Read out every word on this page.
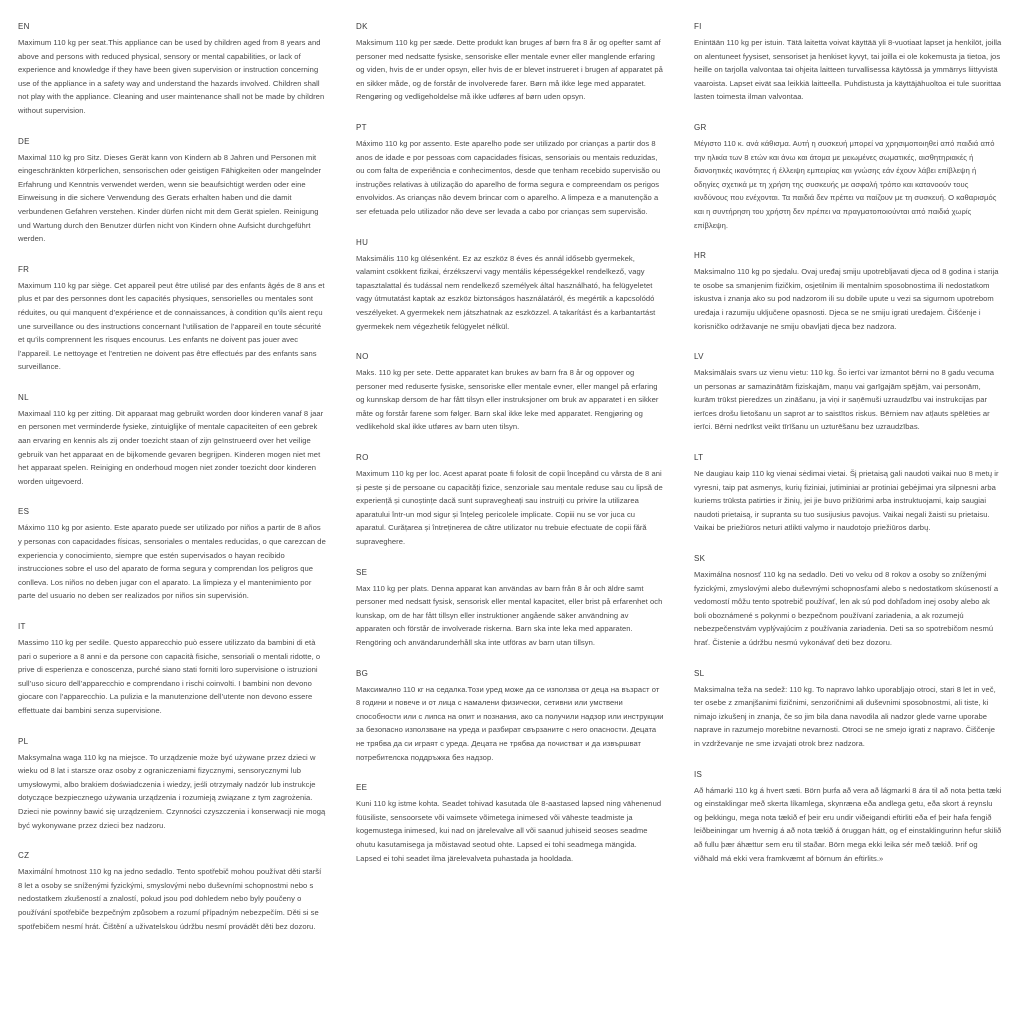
EN

Maximum 110 kg per seat.This appliance can be used by children aged from 8 years and above and persons with reduced physical, sensory or mental capabilities, or lack of experience and knowledge if they have been given supervision or instruction concerning use of the appliance in a safety way and understand the hazards involved. Children shall not play with the appliance. Cleaning and user maintenance shall not be made by children without supervision.

DE

Maximal 110 kg pro Sitz. Dieses Gerät kann von Kindern ab 8 Jahren und Personen mit eingeschränkten körperlichen, sensorischen oder geistigen Fähigkeiten oder mangelnder Erfahrung und Kenntnis verwendet werden, wenn sie beaufsichtigt werden oder eine Einweisung in die sichere Verwendung des Gerats erhalten haben und die damit verbundenen Gefahren verstehen. Kinder dürfen nicht mit dem Gerät spielen. Reinigung und Wartung durch den Benutzer dürfen nicht von Kindern ohne Aufsicht durchgeführt werden.

FR

Maximum 110 kg par siège. Cet appareil peut être utilisé par des enfants âgés de 8 ans et plus et par des personnes dont les capacités physiques, sensorielles ou mentales sont réduites, ou qui manquent d’expérience et de connaissances, à condition qu’ils aient reçu une surveillance ou des instructions concernant l’utilisation de l’appareil en toute sécurité et qu’ils comprennent les risques encourus. Les enfants ne doivent pas jouer avec l’appareil. Le nettoyage et l’entretien ne doivent pas être effectués par des enfants sans surveillance.

NL

Maximaal 110 kg per zitting. Dit apparaat mag gebruikt worden door kinderen vanaf 8 jaar en personen met verminderde fysieke, zintuiglijke of mentale capaciteiten of een gebrek aan ervaring en kennis als zij onder toezicht staan of zijn geïnstrueerd over het veilige gebruik van het apparaat en de bijkomende gevaren begrijpen. Kinderen mogen niet met het apparaat spelen. Reiniging en onderhoud mogen niet zonder toezicht door kinderen worden uitgevoerd.

ES

Máximo 110 kg por asiento. Este aparato puede ser utilizado por niños a partir de 8 años y personas con capacidades físicas, sensoriales o mentales reducidas, o que carezcan de experiencia y conocimiento, siempre que estén supervisados o hayan recibido instrucciones sobre el uso del aparato de forma segura y comprendan los peligros que conlleva. Los niños no deben jugar con el aparato. La limpieza y el mantenimiento por parte del usuario no deben ser realizados por niños sin supervisión.

IT

Massimo 110 kg per sedile. Questo apparecchio può essere utilizzato da bambini di età pari o superiore a 8 anni e da persone con capacità fisiche, sensoriali o mentali ridotte, o prive di esperienza e conoscenza, purché siano stati forniti loro supervisione o istruzioni sull’uso sicuro dell’apparecchio e comprendano i rischi coinvolti. I bambini non devono giocare con l’apparecchio. La pulizia e la manutenzione dell’utente non devono essere effettuate dai bambini senza supervisione.

PL

Maksymalna waga 110 kg na miejsce. To urządzenie może być używane przez dzieci w wieku od 8 lat i starsze oraz osoby z ograniczeniami fizycznymi, sensorycznymi lub umysłowymi, albo brakiem doświadczenia i wiedzy, jeśli otrzymały nadzór lub instrukcje dotyczące bezpiecznego używania urządzenia i rozumieją związane z tym zagrożenia. Dzieci nie powinny bawić się urządzeniem. Czynności czyszczenia i konserwacji nie mogą być wykonywane przez dzieci bez nadzoru.

CZ

Maximální hmotnost 110 kg na jedno sedadlo. Tento spotřebič mohou používat děti starší 8 let a osoby se sníženými fyzickými, smyslovými nebo duševními schopnostmi nebo s nedostatkem zkušeností a znalostí, pokud jsou pod dohledem nebo byly poučeny o používání spotřebiče bezpečným způsobem a rozumí případným nebezpečím. Děti si se spotřebičem nesmí hrát. Čištění a uživatelskou údržbu nesmí provádět děti bez dozoru.

DK

Maksimum 110 kg per sæde. Dette produkt kan bruges af børn fra 8 år og opefter samt af personer med nedsatte fysiske, sensoriske eller mentale evner eller manglende erfaring og viden, hvis de er under opsyn, eller hvis de er blevet instrueret i brugen af apparatet på en sikker måde, og de forstår de involverede farer. Børn må ikke lege med apparatet. Rengøring og vedligeholdelse må ikke udføres af børn uden opsyn.

PT

Máximo 110 kg por assento. Este aparelho pode ser utilizado por crianças a partir dos 8 anos de idade e por pessoas com capacidades físicas, sensoriais ou mentais reduzidas, ou com falta de experiência e conhecimentos, desde que tenham recebido supervisão ou instruções relativas à utilização do aparelho de forma segura e compreendam os perigos envolvidos. As crianças não devem brincar com o aparelho. A limpeza e a manutenção a ser efetuada pelo utilizador não deve ser levada a cabo por crianças sem supervisão.

HU

Maksimális 110 kg ülésenként. Ez az eszköz 8 éves és annál idősebb gyermekek, valamint csökkent fizikai, érzékszervi vagy mentális képességekkel rendelkező, vagy tapasztalattal és tudással nem rendelkező személyek által használható, ha felügyeletet vagy útmutatást kaptak az eszköz biztonságos használatáról, és megértik a kapcsolódó veszélyeket. A gyermekek nem játszhatnak az eszközzel. A takarítást és a karbantartást gyermekek nem végezhetik felügyelet nélkül.

NO

Maks. 110 kg per sete. Dette apparatet kan brukes av barn fra 8 år og oppover og personer med reduserte fysiske, sensoriske eller mentale evner, eller mangel på erfaring og kunnskap dersom de har fått tilsyn eller instruksjoner om bruk av apparatet i en sikker måte og forstår farene som følger. Barn skal ikke leke med apparatet. Rengjøring og vedlikehold skal ikke utføres av barn uten tilsyn.

RO

Maximum 110 kg per loc. Acest aparat poate fi folosit de copii începând cu vârsta de 8 ani și peste și de persoane cu capacități fizice, senzoriale sau mentale reduse sau cu lipsă de experiență și cunoștințe dacă sunt supravegheați sau instruiți cu privire la utilizarea aparatului într-un mod sigur și înțeleg pericolele implicate. Copiii nu se vor juca cu aparatul. Curățarea și întreținerea de către utilizator nu trebuie efectuate de copii fără supraveghere.

SE

Max 110 kg per plats. Denna apparat kan användas av barn från 8 år och äldre samt personer med nedsatt fysisk, sensorisk eller mental kapacitet, eller brist på erfarenhet och kunskap, om de har fått tillsyn eller instruktioner angående säker användning av apparaten och förstår de involverade riskerna. Barn ska inte leka med apparaten. Rengöring och användarunderhåll ska inte utföras av barn utan tillsyn.

BG

Максимално 110 кг на седалка.Този уред може да се използва от деца на възраст от 8 години и повече и от лица с намалени физически, сетивни или умствени способности или с липса на опит и познания, ако са получили надзор или инструкции за безопасно използване на уреда и разбират свързаните с него опасности. Децата не трябва да си играят с уреда. Децата не трябва да почистват и да извършват потребителска поддръжка без надзор.

EE

Kuni 110 kg istme kohta. Seadet tohivad kasutada üle 8-aastased lapsed ning vähenenud füüsiliste, sensoorsete või vaimsete võimetega inimesed või väheste teadmiste ja kogemustega inimesed, kui nad on järelevalve all või saanud juhiseid seoses seadme ohutu kasutamisega ja mõistavad seotud ohte. Lapsed ei tohi seadmega mängida. Lapsed ei tohi seadet ilma järelevalveta puhastada ja hooldada.

FI

Enintään 110 kg per istuin. Tätä laitetta voivat käyttää yli 8-vuotiaat lapset ja henkilöt, joilla on alentuneet fyysiset, sensoriset ja henkiset kyvyt, tai joilla ei ole kokemusta ja tietoa, jos heille on tarjolla valvontaa tai ohjeita laitteen turvallisessa käytössä ja ymmärrys liittyvistä vaaroista. Lapset eivät saa leikkiä laitteella. Puhdistusta ja käyttäjähuoltoa ei tule suorittaa lasten toimesta ilman valvontaa.

GR

Μέγιστο 110 κ. ανά κάθισμα. Αυτή η συσκευή μπορεί να χρησιμοποιηθεί από παιδιά από την ηλικία των 8 ετών και άνω και άτομα με μειωμένες σωματικές, αισθητηριακές ή διανοητικές ικανότητες ή έλλειψη εμπειρίας και γνώσης εάν έχουν λάβει επίβλεψη ή οδηγίες σχετικά με τη χρήση της συσκευής με ασφαλή τρόπο και κατανοούν τους κινδύνους που ενέχονται. Τα παιδιά δεν πρέπει να παίζουν με τη συσκευή. Ο καθαρισμός και η συντήρηση του χρήστη δεν πρέπει να πραγματοποιούνται από παιδιά χωρίς επίβλεψη.

HR

Maksimalno 110 kg po sjedalu. Ovaj uređaj smiju upotrebljavati djeca od 8 godina i starija te osobe sa smanjenim fizičkim, osjetilnim ili mentalnim sposobnostima ili nedostatkom iskustva i znanja ako su pod nadzorom ili su dobile upute u vezi sa sigurnom upotrebom uređaja i razumiju uključene opasnosti. Djeca se ne smiju igrati uređajem. Čišćenje i korisničko održavanje ne smiju obavljati djeca bez nadzora.

LV

Maksimālais svars uz vienu vietu: 110 kg. Šo ierīci var izmantot bērni no 8 gadu vecuma un personas ar samazinātām fiziskajām, maņu vai garīgajām spējām, vai personām, kurām trūkst pieredzes un zināšanu, ja viņi ir saņēmuši uzraudzību vai instrukcijas par ierīces drošu lietošanu un saprot ar to saistītos riskus. Bērniem nav atļauts spēlēties ar ierīci. Bērni nedrīkst veikt tīrīšanu un uzturēšanu bez uzraudzības.

LT

Ne daugiau kaip 110 kg vienai sėdimai vietai. Šį prietaisą gali naudoti vaikai nuo 8 metų ir vyresni, taip pat asmenys, kurių fiziniai, jutiminiai ar protiniai gebėjimai yra silpnesni arba kuriems trūksta patirties ir žinių, jei jie buvo prižiūrimi arba instruktuojami, kaip saugiai naudoti prietaisą, ir supranta su tuo susijusius pavojus. Vaikai negali žaisti su prietaisu. Vaikai be priežiūros neturi atlikti valymo ir naudotojo priežiūros darbų.

SK

Maximálna nosnosť 110 kg na sedadlo. Deti vo veku od 8 rokov a osoby so zníženými fyzickými, zmyslovými alebo duševnými schopnosťami alebo s nedostatkom skúseností a vedomostí môžu tento spotrebič používať, len ak sú pod dohľadom inej osoby alebo ak boli oboznámené s pokynmi o bezpečnom používaní zariadenia, a ak rozumejú nebezpečenstvám vyplývajúcim z používania zariadenia. Deti sa so spotrebičom nesmú hrať. Čistenie a údržbu nesmú vykonávať deti bez dozoru.

SL

Maksimalna teža na sedež: 110 kg. To napravo lahko uporabljajo otroci, stari 8 let in več, ter osebe z zmanjšanimi fizičnimi, senzoričnimi ali duševnimi sposobnostmi, ali tiste, ki nimajo izkušenj in znanja, če so jim bila dana navodila ali nadzor glede varne uporabe naprave in razumejo morebitne nevarnosti. Otroci se ne smejo igrati z napravo. Čiščenje in vzdrževanje ne sme izvajati otrok brez nadzora.

IS

Að hámarki 110 kg á hvert sæti. Börn þurfa að vera að lágmarki 8 ára til að nota þetta tæki og einstaklingar með skerta líkamlega, skynræna eða andlega getu, eða skort á reynslu og þekkingu, mega nota tækið ef þeir eru undir viðeigandi eftirliti eða ef þeir hafa fengið leiðbeiningar um hvernig á að nota tækið á öruggan hátt, og ef einstaklingurinn hefur skilið að fullu þær áhættur sem eru til staðar. Börn mega ekki leika sér með tækið. Þrif og viðhald má ekki vera framkvæmt af börnum án eftirlits.»
